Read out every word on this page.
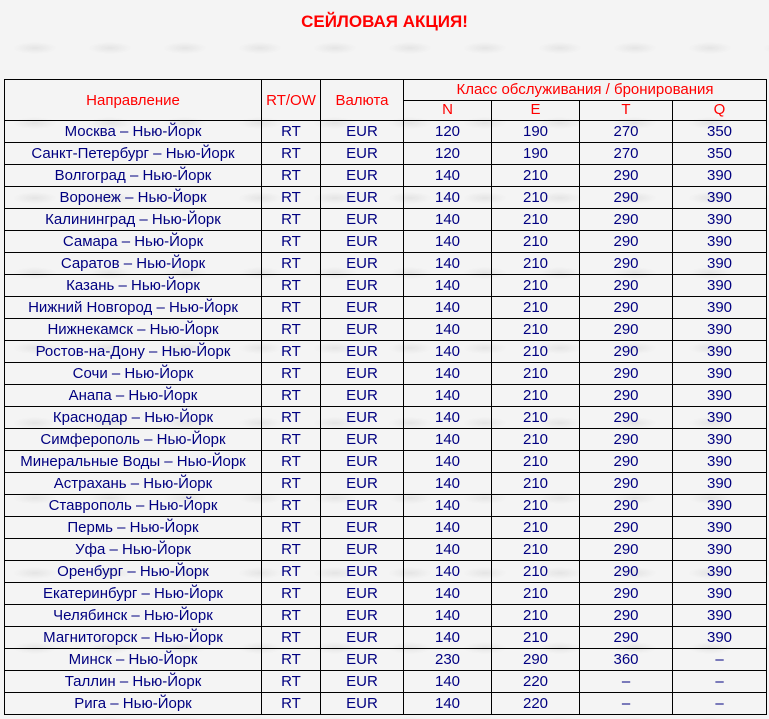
СЕЙЛОВАЯ АКЦИЯ!
Направление	RT/OW	Валюта	Класс обслуживания / бронирования			
			N	E	T	Q
Москва – Нью-Йорк	RT	EUR	120	190	270	350
Санкт-Петербург – Нью-Йорк	RT	EUR	120	190	270	350
Волгоград – Нью-Йорк	RT	EUR	140	210	290	390
Воронеж – Нью-Йорк	RT	EUR	140	210	290	390
Калининград – Нью-Йорк	RT	EUR	140	210	290	390
Самара – Нью-Йорк	RT	EUR	140	210	290	390
Саратов – Нью-Йорк	RT	EUR	140	210	290	390
Казань – Нью-Йорк	RT	EUR	140	210	290	390
Нижний Новгород – Нью-Йорк	RT	EUR	140	210	290	390
Нижнекамск – Нью-Йорк	RT	EUR	140	210	290	390
Ростов-на-Дону – Нью-Йорк	RT	EUR	140	210	290	390
Сочи – Нью-Йорк	RT	EUR	140	210	290	390
Анапа – Нью-Йорк	RT	EUR	140	210	290	390
Краснодар – Нью-Йорк	RT	EUR	140	210	290	390
Симферополь – Нью-Йорк	RT	EUR	140	210	290	390
Минеральные Воды – Нью-Йорк	RT	EUR	140	210	290	390
Астрахань – Нью-Йорк	RT	EUR	140	210	290	390
Ставрополь – Нью-Йорк	RT	EUR	140	210	290	390
Пермь – Нью-Йорк	RT	EUR	140	210	290	390
Уфа – Нью-Йорк	RT	EUR	140	210	290	390
Оренбург – Нью-Йорк	RT	EUR	140	210	290	390
Екатеринбург – Нью-Йорк	RT	EUR	140	210	290	390
Челябинск – Нью-Йорк	RT	EUR	140	210	290	390
Магнитогорск – Нью-Йорк	RT	EUR	140	210	290	390
Минск – Нью-Йорк	RT	EUR	230	290	360	–
Таллин – Нью-Йорк	RT	EUR	140	220	–	–
Рига – Нью-Йорк	RT	EUR	140	220	–	–
